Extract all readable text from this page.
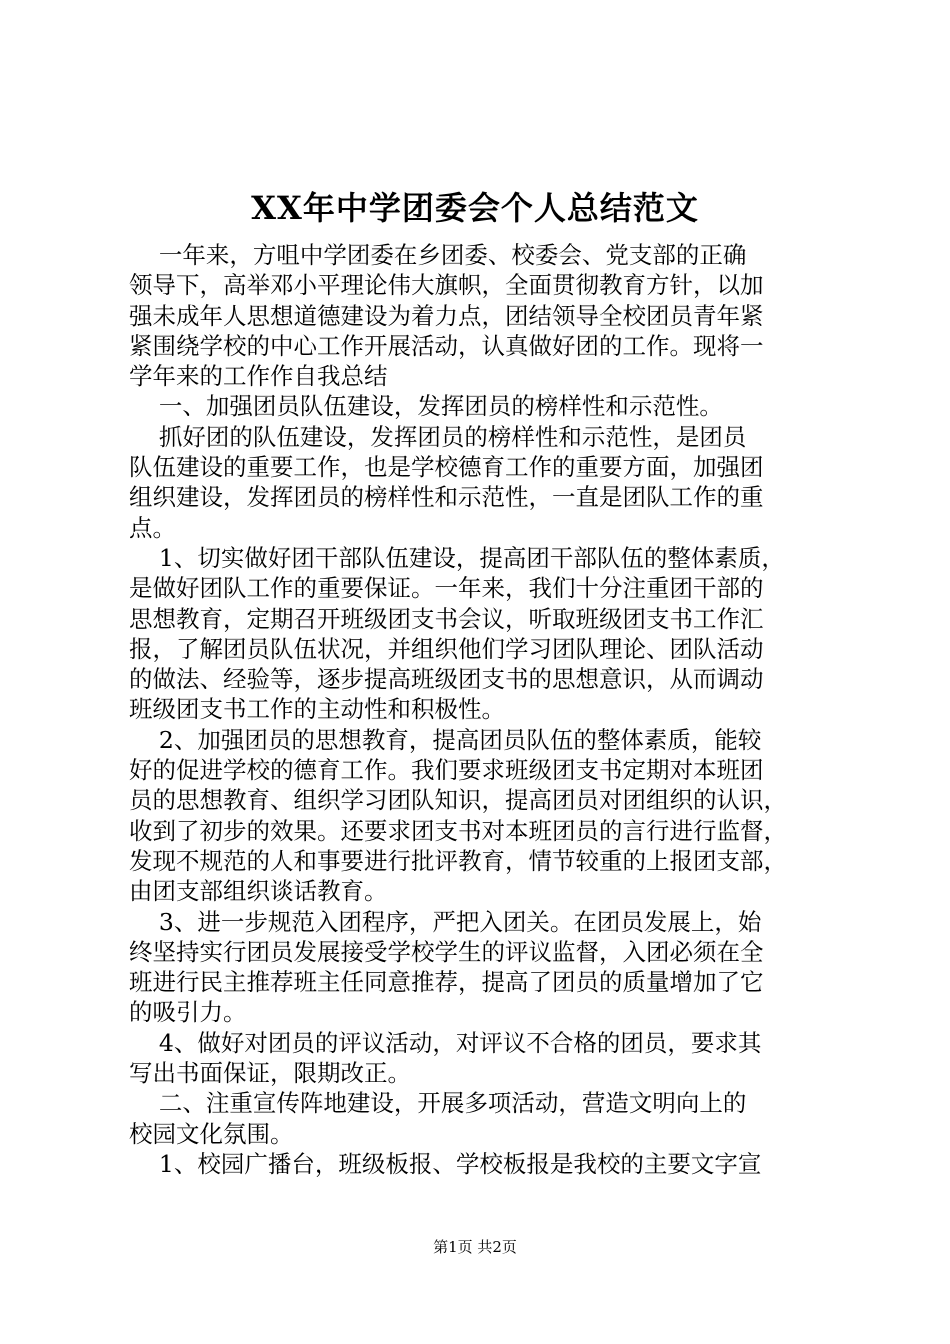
XX年中学团委会个人总结范文
一年来，方咀中学团委在乡团委、校委会、党支部的正确
领导下，高举邓小平理论伟大旗帜，全面贯彻教育方针，以加
强未成年人思想道德建设为着力点，团结领导全校团员青年紧
紧围绕学校的中心工作开展活动，认真做好团的工作。现将一
学年来的工作作自我总结
一、加强团员队伍建设，发挥团员的榜样性和示范性。
抓好团的队伍建设，发挥团员的榜样性和示范性，是团员
队伍建设的重要工作，也是学校德育工作的重要方面，加强团
组织建设，发挥团员的榜样性和示范性，一直是团队工作的重
点。
1、切实做好团干部队伍建设，提高团干部队伍的整体素质，
是做好团队工作的重要保证。一年来，我们十分注重团干部的
思想教育，定期召开班级团支书会议，听取班级团支书工作汇
报，了解团员队伍状况，并组织他们学习团队理论、团队活动
的做法、经验等，逐步提高班级团支书的思想意识，从而调动
班级团支书工作的主动性和积极性。
2、加强团员的思想教育，提高团员队伍的整体素质，能较
好的促进学校的德育工作。我们要求班级团支书定期对本班团
员的思想教育、组织学习团队知识，提高团员对团组织的认识，
收到了初步的效果。还要求团支书对本班团员的言行进行监督，
发现不规范的人和事要进行批评教育，情节较重的上报团支部，
由团支部组织谈话教育。
3、进一步规范入团程序，严把入团关。在团员发展上，始
终坚持实行团员发展接受学校学生的评议监督，入团必须在全
班进行民主推荐班主任同意推荐，提高了团员的质量增加了它
的吸引力。
4、做好对团员的评议活动，对评议不合格的团员，要求其
写出书面保证，限期改正。
二、注重宣传阵地建设，开展多项活动，营造文明向上的
校园文化氛围。
1、校园广播台，班级板报、学校板报是我校的主要文字宣
第1页 共2页
